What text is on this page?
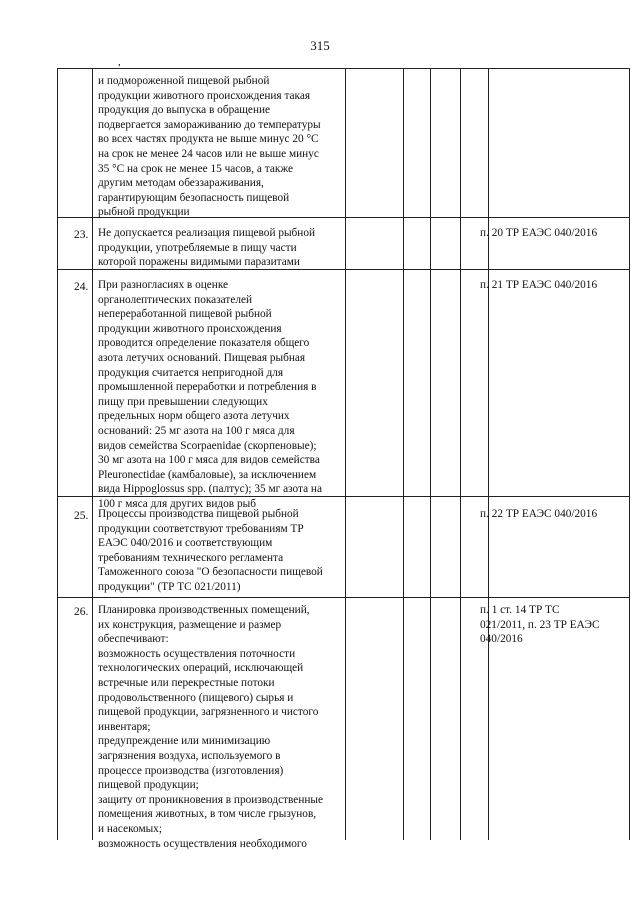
315
,
и подмороженной пищевой рыбной
продукции животного происхождения такая
продукция до выпуска в обращение
подвергается замораживанию до температуры
во всех частях продукта не выше минус 20 °С
на срок не менее 24 часов или не выше минус
35 °С на срок не менее 15 часов, а также
другим методам обеззараживания,
гарантирующим безопасность пищевой
рыбной продукции
23. Не допускается реализация пищевой рыбной
продукции, употребляемые в пищу части
которой поражены видимыми паразитами
п. 20 ТР ЕАЭС 040/2016
24. При разногласиях в оценке
органолептических показателей
непереработанной пищевой рыбной
продукции животного происхождения
проводится определение показателя общего
азота летучих оснований. Пищевая рыбная
продукция считается непригодной для
промышленной переработки и потребления в
пищу при превышении следующих
предельных норм общего азота летучих
оснований: 25 мг азота на 100 г мяса для
видов семейства Scorpaenidae (скорпеновые);
30 мг азота на 100 г мяса для видов семейства
Pleuronectidae (камбаловые), за исключением
вида Hippoglossus spp. (палтус); 35 мг азота на
100 г мяса для других видов рыб
п. 21 ТР ЕАЭС 040/2016
25. Процессы производства пищевой рыбной
продукции соответствуют требованиям ТР
ЕАЭС 040/2016 и соответствующим
требованиям технического регламента
Таможенного союза "О безопасности пищевой
продукции" (ТР ТС 021/2011)
п. 22 ТР ЕАЭС 040/2016
26. Планировка производственных помещений,
их конструкция, размещение и размер
обеспечивают:
возможность осуществления поточности
технологических операций, исключающей
встречные или перекрестные потоки
продовольственного (пищевого) сырья и
пищевой продукции, загрязненного и чистого
инвентаря;
предупреждение или минимизацию
загрязнения воздуха, используемого в
процессе производства (изготовления)
пищевой продукции;
защиту от проникновения в производственные
помещения животных, в том числе грызунов,
и насекомых;
возможность осуществления необходимого
п. 1 ст. 14 ТР ТС
021/2011, п. 23 ТР ЕАЭС
040/2016
